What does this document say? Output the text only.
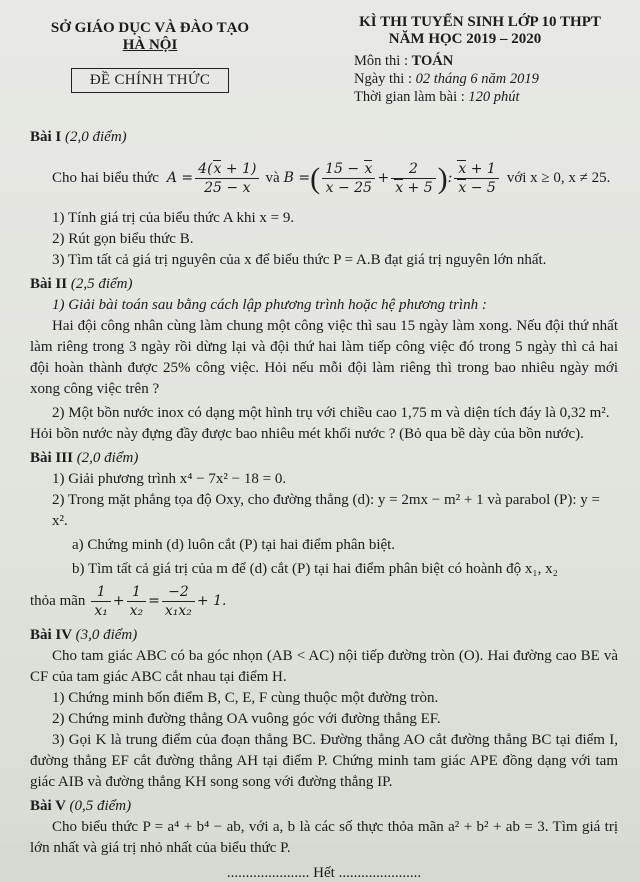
SỞ GIÁO DỤC VÀ ĐÀO TẠO
HÀ NỘI
ĐỀ CHÍNH THỨC
KÌ THI TUYỂN SINH LỚP 10 THPT
NĂM HỌC 2019 – 2020
Môn thi : TOÁN
Ngày thi : 02 tháng 6 năm 2019
Thời gian làm bài : 120 phút
Bài I (2,0 điểm)
Cho hai biểu thức $A = \frac{4(x + 1)}{25 - x}$ và B = ( $\frac{15 - x}{x - 25} + \frac{2}{x + 5}$ ) : $\frac{x + 1}{x - 5}$ với x ≥ 0, x ≠ 25.

1) Tính giá trị của biểu thức A khi x = 9.

2) Rút gọn biểu thức B.

3) Tìm tất cả giá trị nguyên của x để biểu thức P = A.B đạt giá trị nguyên lớn nhất.

Bài II (2,5 điểm)

1) Giải bài toán sau bằng cách lập phương trình hoặc hệ phương trình :

Hai đội công nhân cùng làm chung một công việc thì sau 15 ngày làm xong. Nếu đội thứ nhất làm riêng trong 3 ngày rồi dừng lại và đội thứ hai làm tiếp công việc đó trong 5 ngày thì cả hai đội hoàn thành được 25% công việc. Hỏi nếu mỗi đội làm riêng thì trong bao nhiêu ngày mới xong công việc trên ?

2) Một bồn nước inox có dạng một hình trụ với chiều cao 1,75 m và diện tích đáy là 0,32 m².

Hỏi bồn nước này đựng đầy được bao nhiêu mét khối nước ? (Bỏ qua bề dày của bồn nước).

Bài III (2,0 điểm)

1) Giải phương trình x⁴ − 7x² − 18 = 0.

2) Trong mặt phẳng tọa độ Oxy, cho đường thẳng (d): y = 2mx − m² + 1 và parabol (P): y = x².

a) Chứng minh (d) luôn cắt (P) tại hai điểm phân biệt.

b) Tìm tất cả giá trị của m để (d) cắt (P) tại hai điểm phân biệt có hoành độ x₁, x₂

thỏa mãn $\frac{1}{\text{x₁}} + \frac{1}{\text{x₂}} = \frac{-2}{\text{x₁x₂}} + 1$.
Bài IV (3,0 điểm)

Cho tam giác ABC có ba góc nhọn (AB < AC) nội tiếp đường tròn (O). Hai đường cao BE và CF của tam giác ABC cắt nhau tại điểm H.

1) Chứng minh bốn điểm B, C, E, F cùng thuộc một đường tròn.

2) Chứng minh đường thẳng OA vuông góc với đường thẳng EF.

3) Gọi K là trung điểm của đoạn thẳng BC. Đường thẳng AO cắt đường thẳng BC tại điểm I, đường thẳng EF cắt đường thẳng AH tại điểm P. Chứng minh tam giác APE đồng dạng với tam giác AIB và đường thẳng KH song song với đường thẳng IP.

Bài V (0,5 điểm)

Cho biểu thức P = a⁴ + b⁴ − ab, với a, b là các số thực thỏa mãn a² + b² + ab = 3. Tìm giá trị lớn nhất và giá trị nhỏ nhất của biểu thức P.

...................... Hết ......................
